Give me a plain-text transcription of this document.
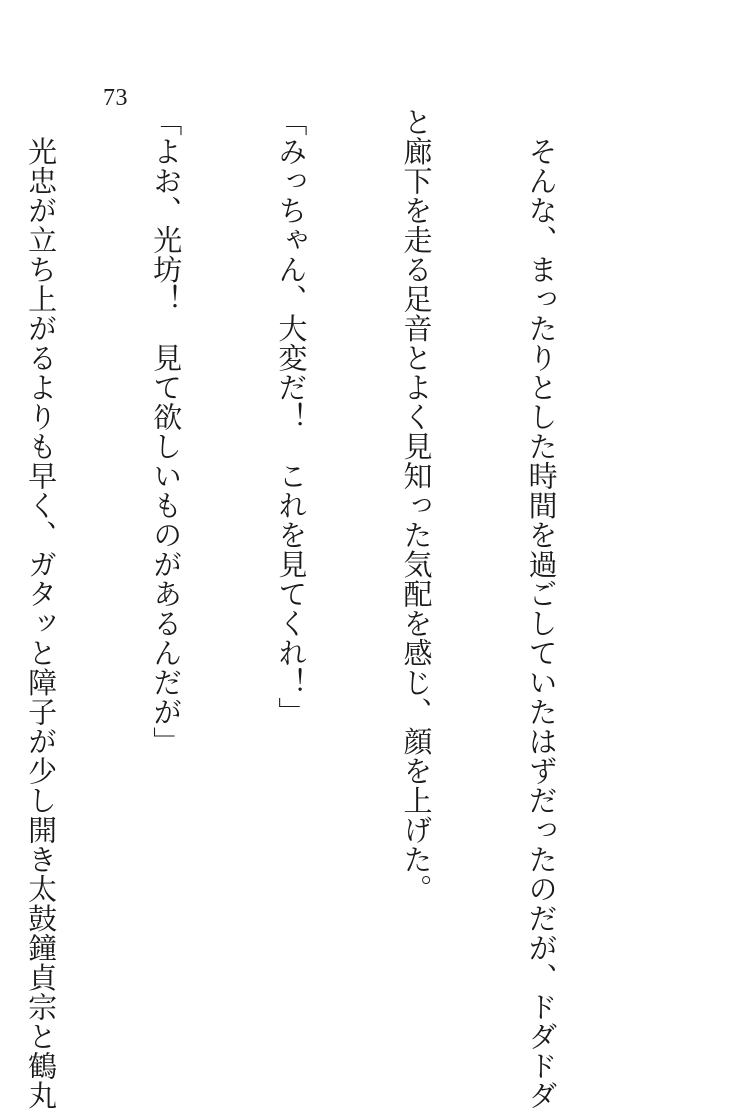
73

　そんな、まったりとした時間を過ごしていたはずだったのだが、ドダドダ

と廊下を走る足音とよく見知った気配を感じ、顔を上げた。

「みっちゃん、大変だ！　これを見てくれ！」

「よお、光坊！　見て欲しいものがあるんだが」

　光忠が立ち上がるよりも早く、ガタッと障子が少し開き太鼓鐘貞宗と鶴丸
